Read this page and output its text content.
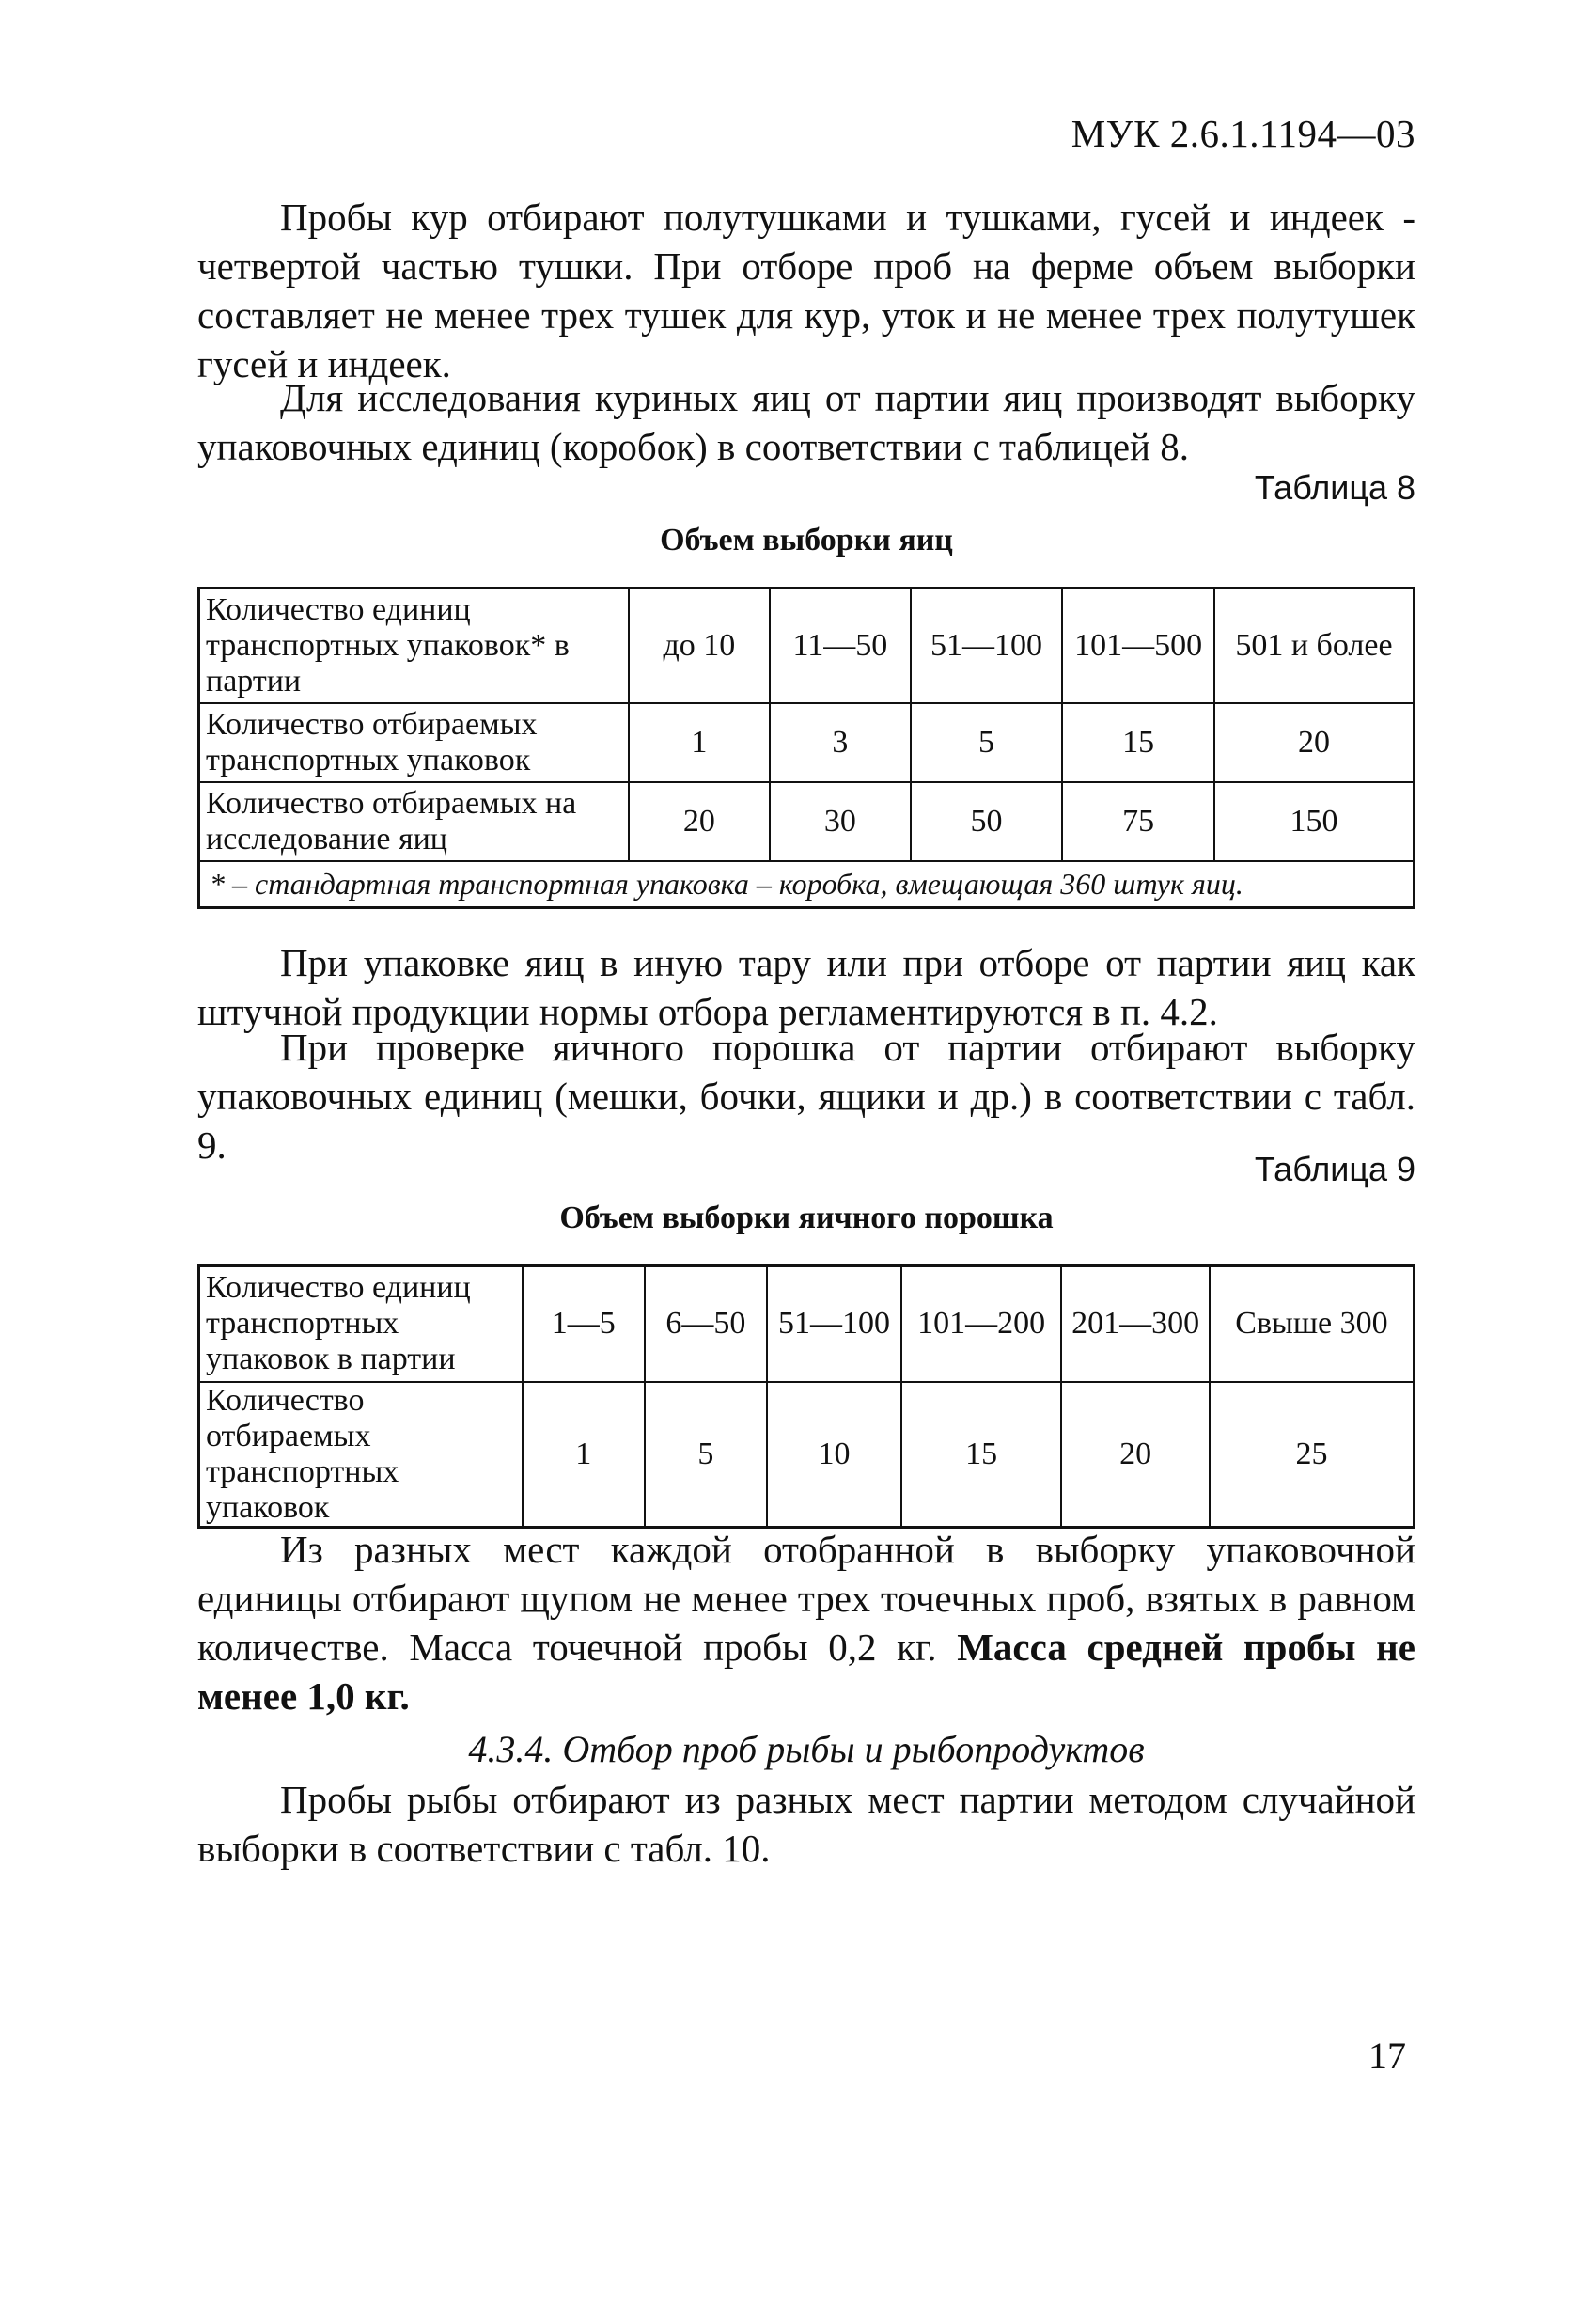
МУК 2.6.1.1194—03

Пробы кур отбирают полутушками и тушками, гусей и индеек - четвертой частью тушки. При отборе проб на ферме объем выборки составляет не менее трех тушек для кур, уток и не менее трех полутушек гусей и индеек.

Для исследования куриных яиц от партии яиц производят выборку упаковочных единиц (коробок) в соответствии с таблицей 8.

Таблица 8
Объем выборки яиц
Количество единиц транспортных упаковок* в партии	до 10	11—50	51—100	101—500	501 и более
Количество отбираемых транспортных упаковок	1	3	5	15	20
Количество отбираемых на исследование яиц	20	30	50	75	150
* – стандартная транспортная упаковка – коробка, вмещающая 360 штук яиц.					

При упаковке яиц в иную тару или при отборе от партии яиц как штучной продукции нормы отбора регламентируются в п. 4.2.

При проверке яичного порошка от партии отбирают выборку упаковочных единиц (мешки, бочки, ящики и др.) в соответствии с табл. 9.

Таблица 9
Объем выборки яичного порошка
Количество единиц транспортных упаковок в партии	1—5	6—50	51—100	101—200	201—300	Свыше 300
Количество отбираемых транспортных упаковок	1	5	10	15	20	25

Из разных мест каждой отобранной в выборку упаковочной единицы отбирают щупом не менее трех точечных проб, взятых в равном количестве. Масса точечной пробы 0,2 кг. Масса средней пробы не менее 1,0 кг.

4.3.4. Отбор проб рыбы и рыбопродуктов

Пробы рыбы отбирают из разных мест партии методом случайной выборки в соответствии с табл. 10.

17
